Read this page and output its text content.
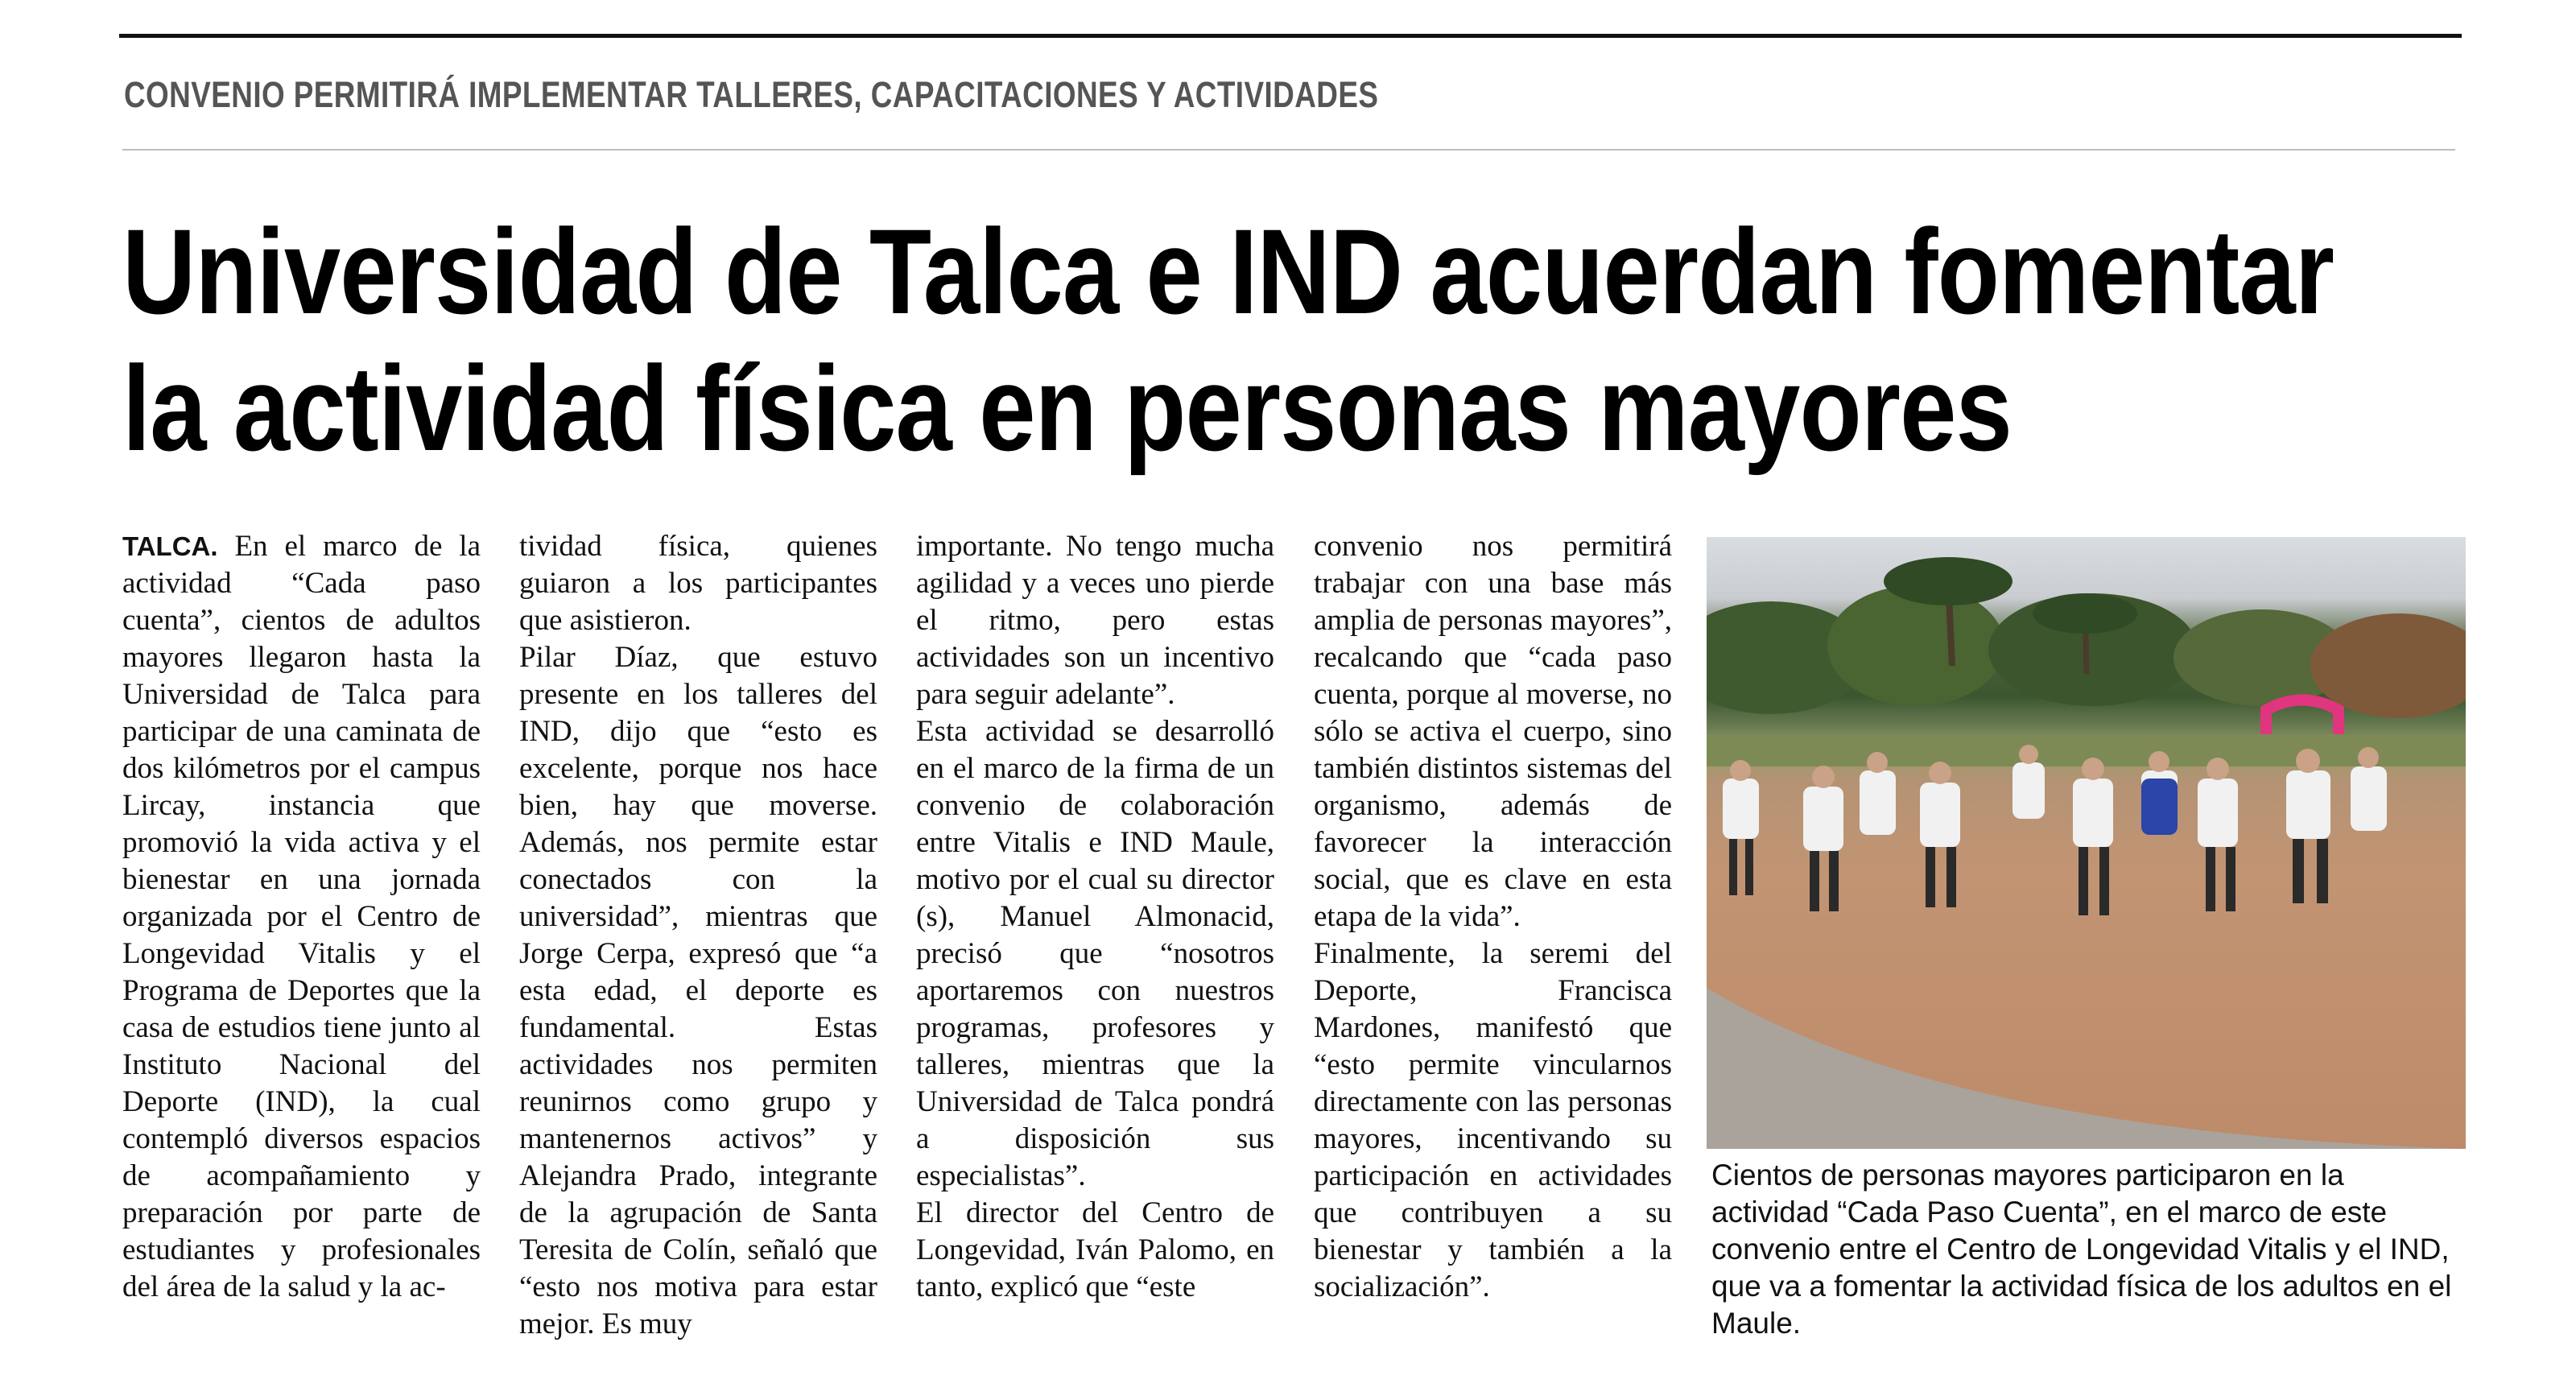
CONVENIO PERMITIRÁ IMPLEMENTAR TALLERES, CAPACITACIONES Y ACTIVIDADES
Universidad de Talca e IND acuerdan fomentar
la actividad física en personas mayores

TALCA. En el marco de la actividad “Cada paso cuenta”, cientos de adultos mayores llegaron hasta la Universidad de Talca para participar de una caminata de dos kilómetros por el campus Lircay, instancia que promovió la vida activa y el bienestar en una jornada organizada por el Centro de Longevidad Vitalis y el Programa de Deportes que la casa de estudios tiene junto al Instituto Nacional del Deporte (IND), la cual contempló diversos espacios de acompañamiento y preparación por parte de estudiantes y profesionales del área de la salud y la ac-

tividad física, quienes guiaron a los participantes que asistieron.

Pilar Díaz, que estuvo presente en los talleres del IND, dijo que “esto es excelente, porque nos hace bien, hay que moverse. Además, nos permite estar conectados con la universidad”, mientras que Jorge Cerpa, expresó que “a esta edad, el deporte es fundamental. Estas actividades nos permiten reunirnos como grupo y mantenernos activos” y Alejandra Prado, integrante de la agrupación de Santa Teresita de Colín, señaló que “esto nos motiva para estar mejor. Es muy

importante. No tengo mucha agilidad y a veces uno pierde el ritmo, pero estas actividades son un incentivo para seguir adelante”.

Esta actividad se desarrolló en el marco de la firma de un convenio de colaboración entre Vitalis e IND Maule, motivo por el cual su director (s), Manuel Almonacid, precisó que “nosotros aportaremos con nuestros programas, profesores y talleres, mientras que la Universidad de Talca pondrá a disposición sus especialistas”.

El director del Centro de Longevidad, Iván Palomo, en tanto, explicó que “este

convenio nos permitirá trabajar con una base más amplia de personas mayores”, recalcando que “cada paso cuenta, porque al moverse, no sólo se activa el cuerpo, sino también distintos sistemas del organismo, además de favorecer la interacción social, que es clave en esta etapa de la vida”.

Finalmente, la seremi del Deporte, Francisca Mardones, manifestó que “esto permite vincularnos directamente con las personas mayores, incentivando su participación en actividades que contribuyen a su bienestar y también a la socialización”.

Cientos de personas mayores participaron en la actividad “Cada Paso Cuenta”, en el marco de este convenio entre el Centro de Longevidad Vitalis y el IND, que va a fomentar la actividad física de los adultos en el Maule.
